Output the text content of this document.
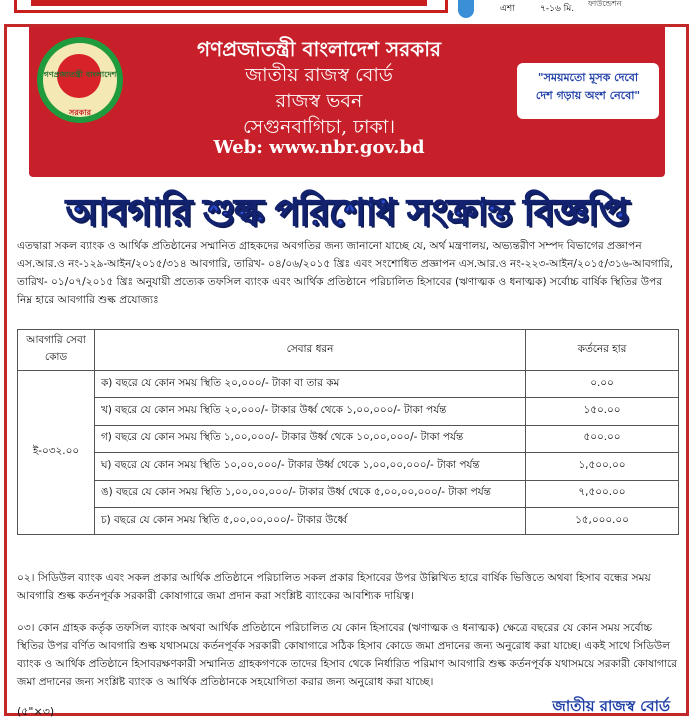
এশা	৭-১৬ মি.
ফাউন্ডেশন
গণপ্রজাতন্ত্রী বাংলাদেশ
সরকার
গণপ্রজাতন্ত্রী বাংলাদেশ সরকার
জাতীয় রাজস্ব বোর্ড
রাজস্ব ভবন
সেগুনবাগিচা, ঢাকা।
Web: www.nbr.gov.bd
"সময়মতো মূসক দেবো
দেশ গড়ায় অংশ নেবো"
আবগারি শুল্ক পরিশোধ সংক্রান্ত বিজ্ঞপ্তি
এতদ্বারা সকল ব্যাংক ও আর্থিক প্রতিষ্ঠানের সম্মানিত গ্রাহকদের অবগতির জন্য জানানো যাচ্ছে যে, অর্থ মন্ত্রণালয়, অভ্যন্তরীণ সম্পদ বিভাগের প্রজ্ঞাপন এস.আর.ও নং-১২৯-আইন/২০১৫/৩১৪ আবগারি, তারিখ- ০৪/০৬/২০১৫ খ্রিঃ এবং সংশোধিত প্রজ্ঞাপন এস.আর.ও নং-২২৩-আইন/২০১৫/৩১৬-আবগারি, তারিখ- ০১/০৭/২০১৫ খ্রিঃ অনুযায়ী প্রত্যেক তফসিল ব্যাংক এবং আর্থিক প্রতিষ্ঠানে পরিচালিত হিসাবের (ঋণাত্মক ও ধনাত্মক) সর্বোচ্চ বার্ষিক স্থিতির উপর নিম্ন হারে আবগারি শুল্ক প্রযোজ্যঃ
আবগারি সেবা কোড	সেবার ধরন	কর্তনের হার
ই-০৩২.০০	ক) বছরে যে কোন সময় স্থিতি ২০,০০০/- টাকা বা তার কম	০.০০
	খ) বছরে যে কোন সময় স্থিতি ২০,০০০/- টাকার উর্ধ্ব থেকে ১,০০,০০০/- টাকা পর্যন্ত	১৫০.০০
	গ) বছরে যে কোন সময় স্থিতি ১,০০,০০০/- টাকার উর্ধ্ব থেকে ১০,০০,০০০/- টাকা পর্যন্ত	৫০০.০০
	ঘ) বছরে যে কোন সময় স্থিতি ১০,০০,০০০/- টাকার উর্ধ্ব থেকে ১,০০,০০,০০০/- টাকা পর্যন্ত	১,৫০০.০০
	ঙ) বছরে যে কোন সময় স্থিতি ১,০০,০০,০০০/- টাকার উর্ধ্ব থেকে ৫,০০,০০,০০০/- টাকা পর্যন্ত	৭,৫০০.০০
	চ) বছরে যে কোন সময় স্থিতি ৫,০০,০০,০০০/- টাকার উর্ধ্বে	১৫,০০০.০০
০২। সিডিউল ব্যাংক এবং সকল প্রকার আর্থিক প্রতিষ্ঠানে পরিচালিত সকল প্রকার হিসাবের উপর উল্লিখিত হারে বার্ষিক ভিত্তিতে অথবা হিসাব বন্ধের সময় আবগারি শুল্ক কর্তনপূর্বক সরকারী কোষাগারে জমা প্রদান করা সংশ্লিষ্ট ব্যাংকের আবশ্যিক দায়িত্ব।
০৩। কোন গ্রাহক কর্তৃক তফসিল ব্যাংক অথবা আর্থিক প্রতিষ্ঠানে পরিচালিত যে কোন হিসাবের (ঋণাত্মক ও ধনাত্মক) ক্ষেত্রে বছরের যে কোন সময় সর্বোচ্চ স্থিতির উপর বর্ণিত আবগারি শুল্ক যথাসময়ে কর্তনপূর্বক সরকারী কোষাগারে সঠিক হিসাব কোডে জমা প্রদানের জন্য অনুরোধ করা যাচ্ছে। একই সাথে সিডিউল ব্যাংক ও আর্থিক প্রতিষ্ঠানে হিসাবরক্ষণকারী সম্মানিত গ্রাহকগণকে তাদের হিসাব থেকে নির্ধারিত পরিমাণ আবগারি শুল্ক কর্তনপূর্বক যথাসময়ে সরকারী কোষাগারে জমা প্রদানের জন্য সংশ্লিষ্ট ব্যাংক ও আর্থিক প্রতিষ্ঠানকে সহযোগিতা করার জন্য অনুরোধ করা যাচ্ছে।
(৫"×৩)	জাতীয় রাজস্ব বোর্ড
